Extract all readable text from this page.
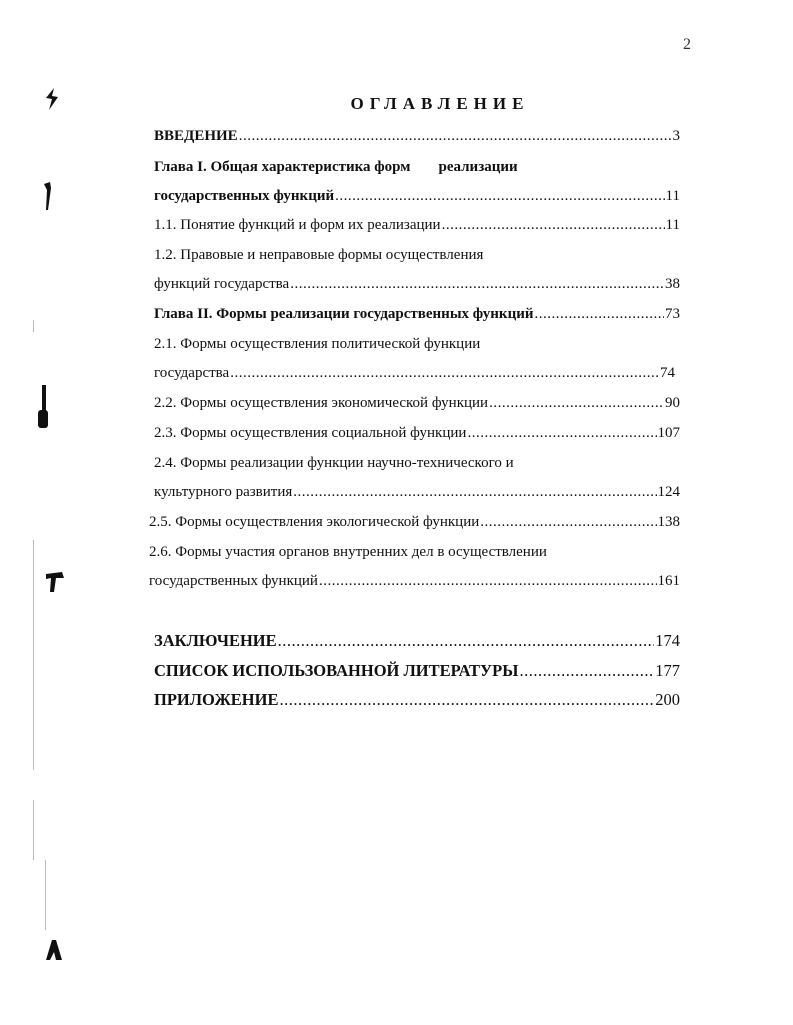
2
ОГЛАВЛЕНИЕ
ВВЕДЕНИЕ .....	3
Глава I. Общая характеристика форм реализации
государственных функций .....	11
1.1. Понятие функций и форм их реализации .....	11
1.2. Правовые и неправовые формы осуществления
функций государства .....	38
Глава II. Формы реализации государственных функций .....	73
2.1. Формы осуществления политической функции
государства .....	74
2.2. Формы осуществления экономической функции .....	90
2.3. Формы осуществления социальной функции .....	107
2.4. Формы реализации функции научно-технического и
культурного развития .....	124
2.5. Формы осуществления экологической функции .....	138
2.6. Формы участия органов внутренних дел в осуществлении
государственных функций .....	161
ЗАКЛЮЧЕНИЕ .....	174
СПИСОК ИСПОЛЬЗОВАННОЙ ЛИТЕРАТУРЫ .....	177
ПРИЛОЖЕНИЕ .....	200
